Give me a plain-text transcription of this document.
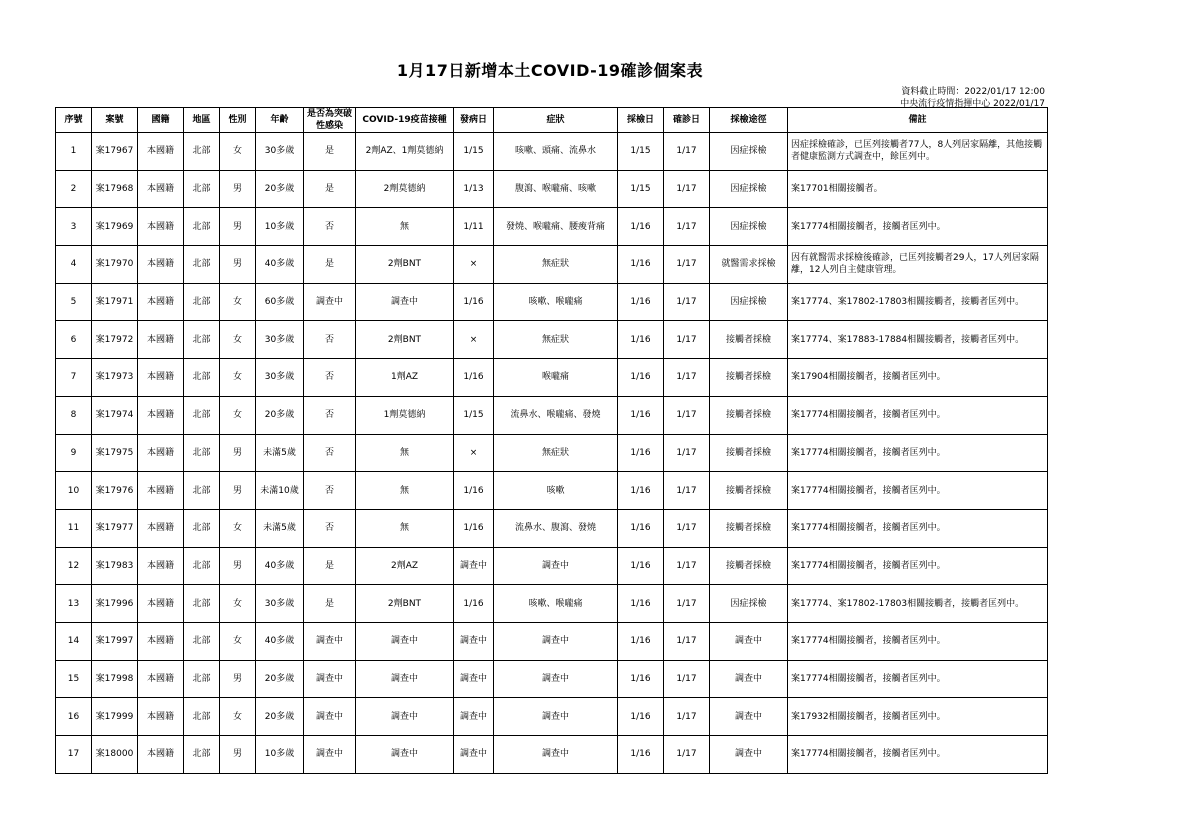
1月17日新增本土COVID-19確診個案表
資料截止時間：2022/01/17 12:00
中央流行疫情指揮中心 2022/01/17
序號	案號	國籍	地區	性別	年齡	是否為突破性感染	COVID-19疫苗接種	發病日	症狀	採檢日	確診日	採檢途徑	備註
1	案17967	本國籍	北部	女	30多歲	是	2劑AZ、1劑莫德納	1/15	咳嗽、頭痛、流鼻水	1/15	1/17	因症採檢	因症採檢確診，已匡列接觸者77人，8人列居家隔離，其他接觸者健康監測方式調查中，餘匡列中。
2	案17968	本國籍	北部	男	20多歲	是	2劑莫德納	1/13	腹瀉、喉嚨痛、咳嗽	1/15	1/17	因症採檢	案17701相關接觸者。
3	案17969	本國籍	北部	男	10多歲	否	無	1/11	發燒、喉嚨痛、腰痠背痛	1/16	1/17	因症採檢	案17774相關接觸者，接觸者匡列中。
4	案17970	本國籍	北部	男	40多歲	是	2劑BNT	×	無症狀	1/16	1/17	就醫需求採檢	因有就醫需求採檢後確診，已匡列接觸者29人，17人列居家隔離，12人列自主健康管理。
5	案17971	本國籍	北部	女	60多歲	調查中	調查中	1/16	咳嗽、喉嚨痛	1/16	1/17	因症採檢	案17774、案17802-17803相關接觸者，接觸者匡列中。
6	案17972	本國籍	北部	女	30多歲	否	2劑BNT	×	無症狀	1/16	1/17	接觸者採檢	案17774、案17883-17884相關接觸者，接觸者匡列中。
7	案17973	本國籍	北部	女	30多歲	否	1劑AZ	1/16	喉嚨痛	1/16	1/17	接觸者採檢	案17904相關接觸者，接觸者匡列中。
8	案17974	本國籍	北部	女	20多歲	否	1劑莫德納	1/15	流鼻水、喉嚨痛、發燒	1/16	1/17	接觸者採檢	案17774相關接觸者，接觸者匡列中。
9	案17975	本國籍	北部	男	未滿5歲	否	無	×	無症狀	1/16	1/17	接觸者採檢	案17774相關接觸者，接觸者匡列中。
10	案17976	本國籍	北部	男	未滿10歲	否	無	1/16	咳嗽	1/16	1/17	接觸者採檢	案17774相關接觸者，接觸者匡列中。
11	案17977	本國籍	北部	女	未滿5歲	否	無	1/16	流鼻水、腹瀉、發燒	1/16	1/17	接觸者採檢	案17774相關接觸者，接觸者匡列中。
12	案17983	本國籍	北部	男	40多歲	是	2劑AZ	調查中	調查中	1/16	1/17	接觸者採檢	案17774相關接觸者，接觸者匡列中。
13	案17996	本國籍	北部	女	30多歲	是	2劑BNT	1/16	咳嗽、喉嚨痛	1/16	1/17	因症採檢	案17774、案17802-17803相關接觸者，接觸者匡列中。
14	案17997	本國籍	北部	女	40多歲	調查中	調查中	調查中	調查中	1/16	1/17	調查中	案17774相關接觸者，接觸者匡列中。
15	案17998	本國籍	北部	男	20多歲	調查中	調查中	調查中	調查中	1/16	1/17	調查中	案17774相關接觸者，接觸者匡列中。
16	案17999	本國籍	北部	女	20多歲	調查中	調查中	調查中	調查中	1/16	1/17	調查中	案17932相關接觸者，接觸者匡列中。
17	案18000	本國籍	北部	男	10多歲	調查中	調查中	調查中	調查中	1/16	1/17	調查中	案17774相關接觸者，接觸者匡列中。
